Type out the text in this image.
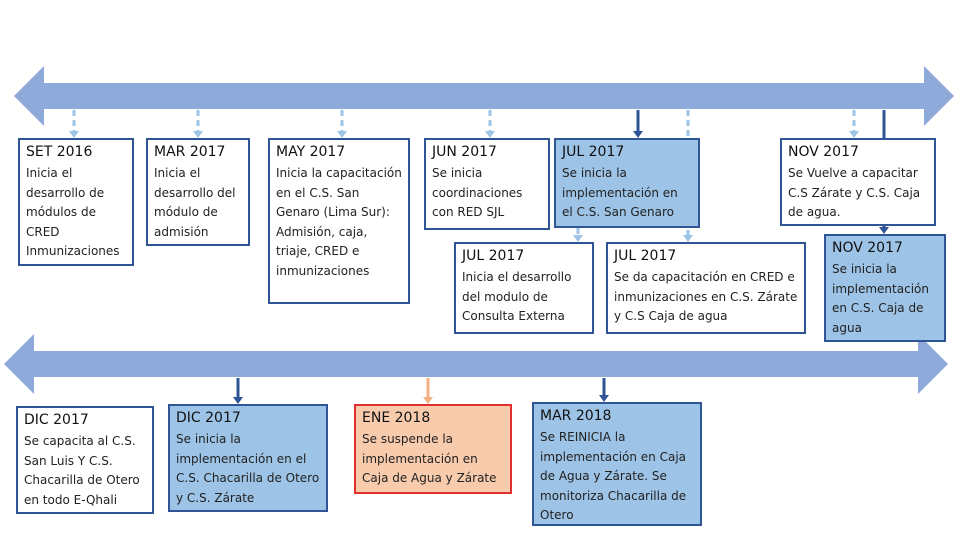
SET 2016
Inicia el desarrollo de módulos de CRED Inmunizaciones
MAR 2017
Inicia el desarrollo del módulo de admisión
MAY 2017
Inicia la capacitación en el C.S. San Genaro (Lima Sur): Admisión, caja, triaje, CRED e inmunizaciones
JUN 2017
Se inicia coordinaciones con RED SJL
JUL 2017
Se inicia la implementación en el C.S. San Genaro
JUL 2017
Inicia el desarrollo del modulo de Consulta Externa
JUL 2017
Se da capacitación en CRED e inmunizaciones en C.S. Zárate y C.S Caja de agua
NOV 2017
Se Vuelve a capacitar C.S Zárate y C.S. Caja de agua.
NOV 2017
Se inicia la implementación en C.S. Caja de agua
DIC 2017
Se capacita al C.S. San Luis Y C.S. Chacarilla de Otero en todo E-Qhali
DIC 2017
Se inicia la implementación en el C.S. Chacarilla de Otero y C.S. Zárate
ENE 2018
Se suspende la implementación en Caja de Agua y Zárate
MAR 2018
Se REINICIA la implementación en Caja de Agua y Zárate. Se monitoriza Chacarilla de Otero
